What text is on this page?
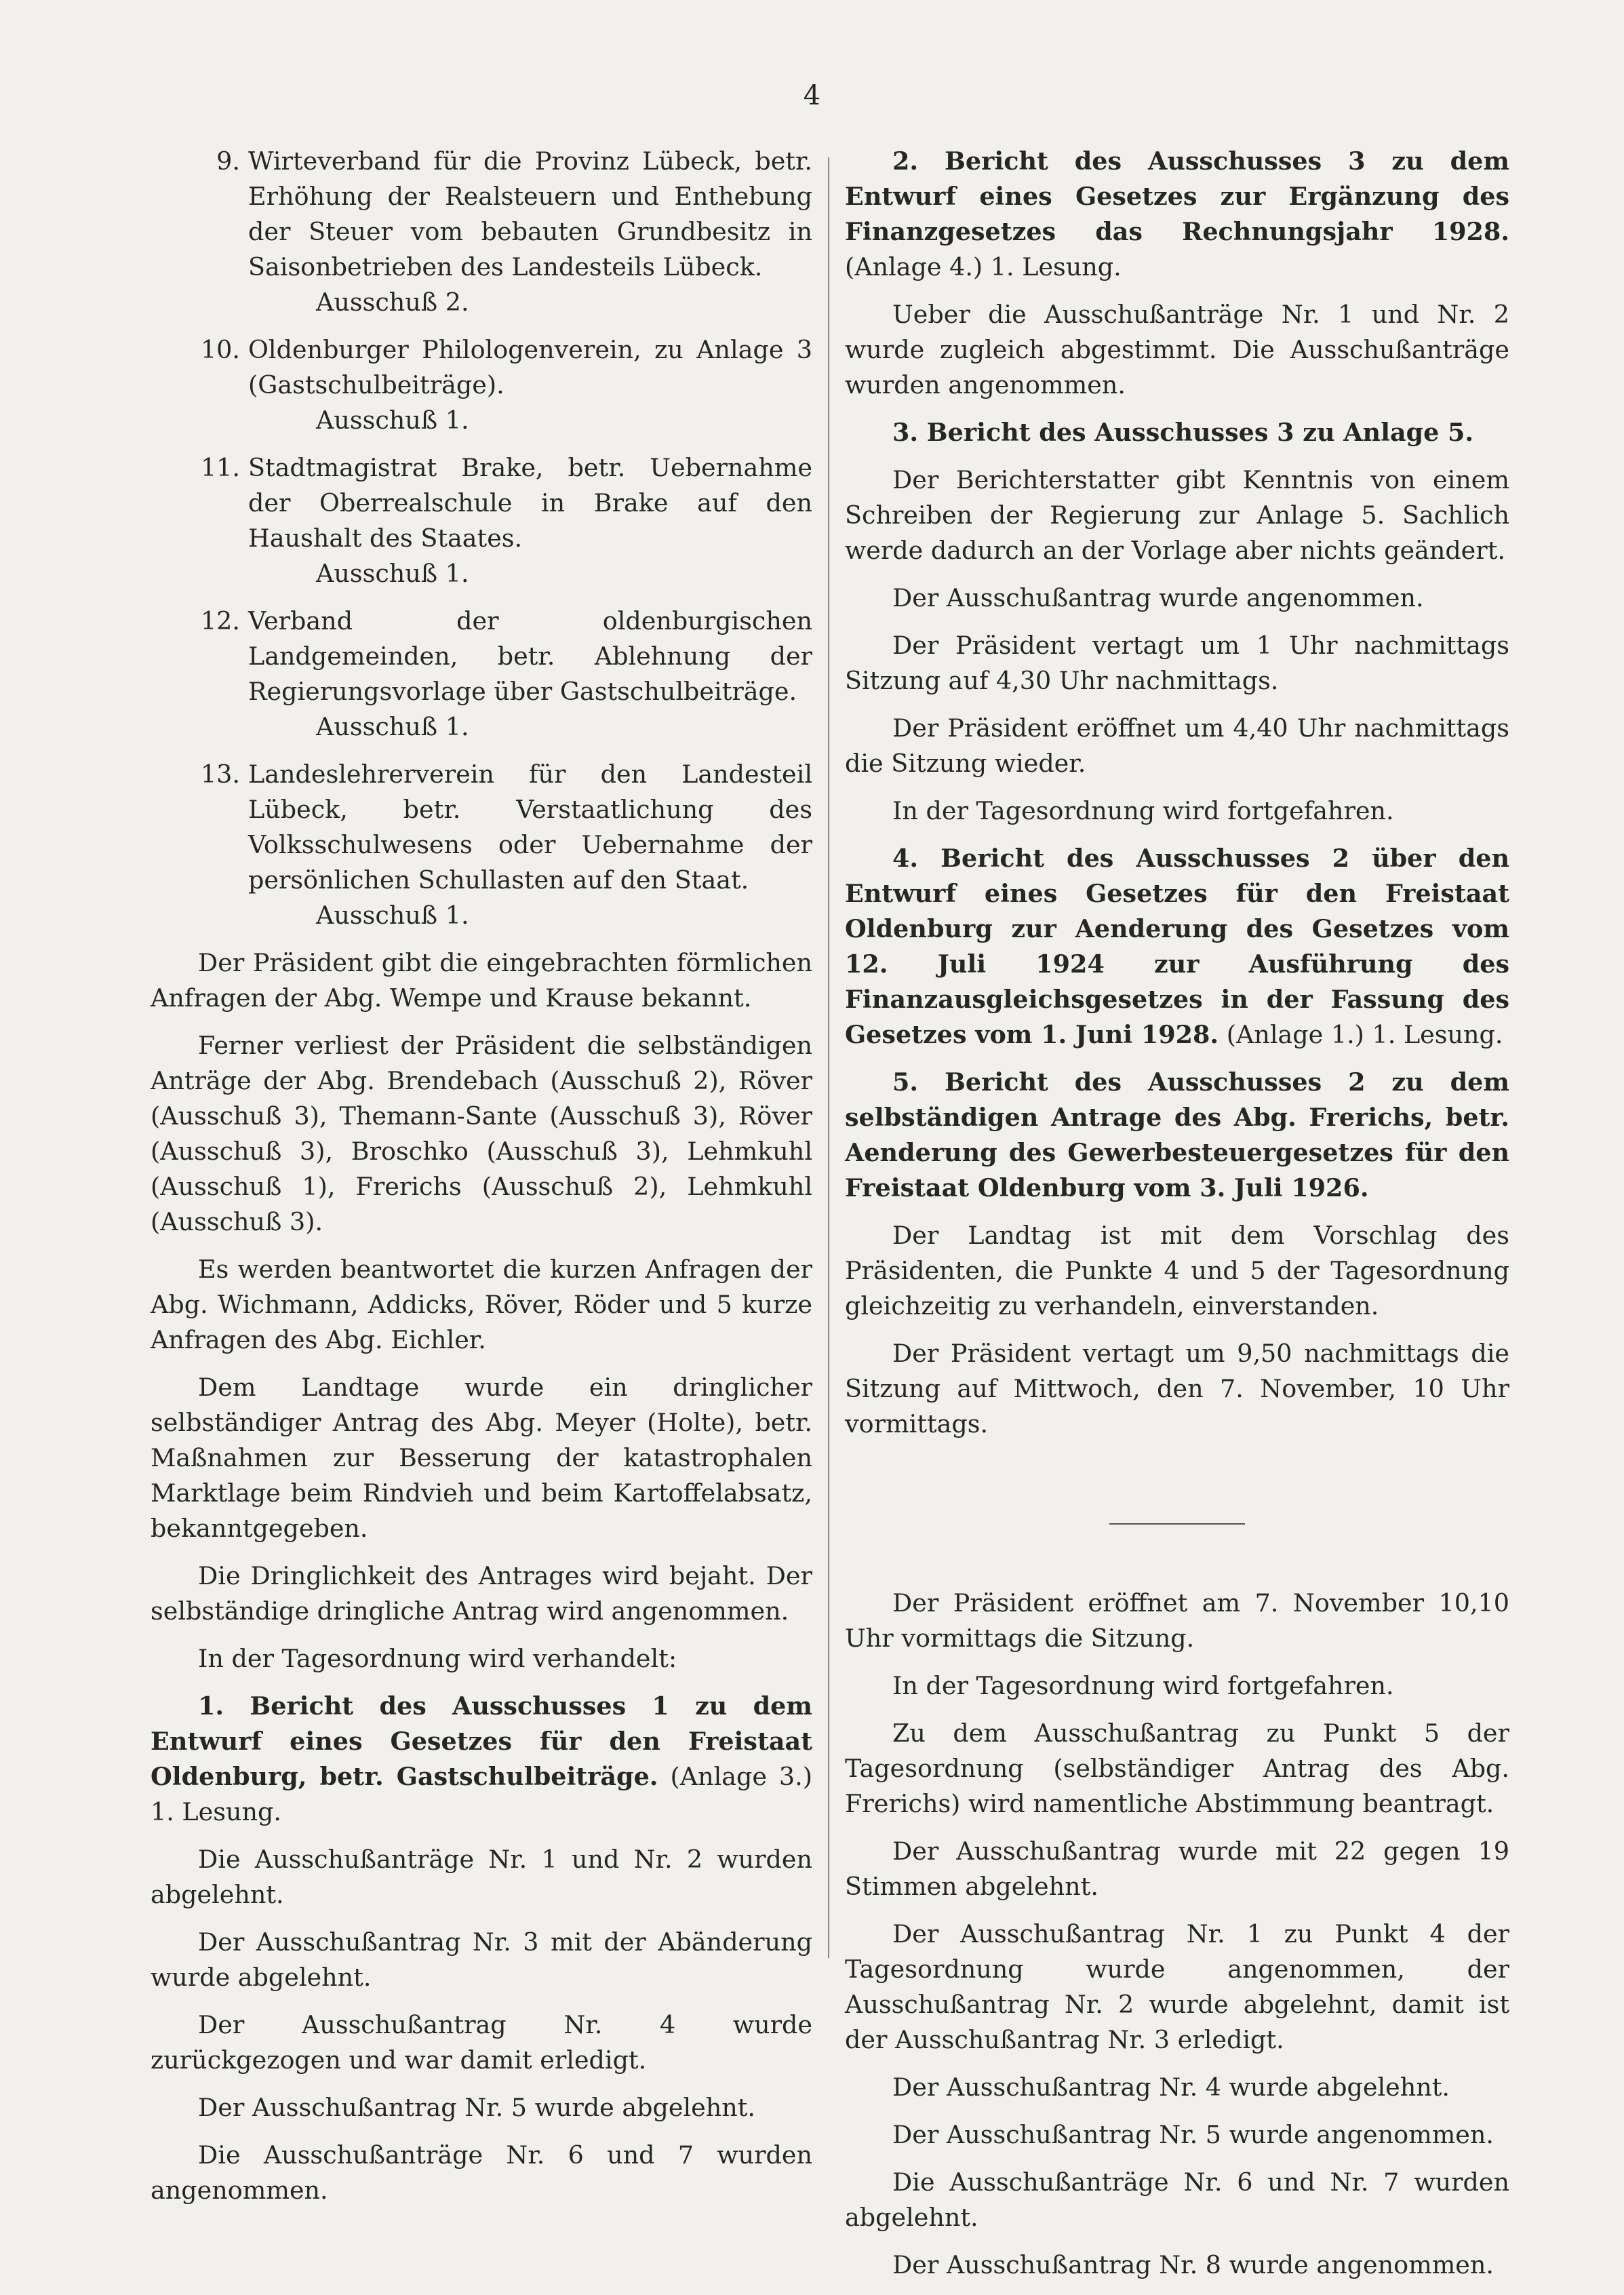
4
9. Wirteverband für die Provinz Lübeck, betr. Erhöhung der Realsteuern und Enthebung der Steuer vom bebauten Grundbesitz in Saisonbetrieben des Landesteils Lübeck.
Ausschuß 2.
10. Oldenburger Philologenverein, zu Anlage 3 (Gastschulbeiträge).
Ausschuß 1.
11. Stadtmagistrat Brake, betr. Uebernahme der Oberrealschule in Brake auf den Haushalt des Staates.
Ausschuß 1.
12. Verband der oldenburgischen Landgemeinden, betr. Ablehnung der Regierungsvorlage über Gastschulbeiträge.
Ausschuß 1.
13. Landeslehrerverein für den Landesteil Lübeck, betr. Verstaatlichung des Volksschulwesens oder Uebernahme der persönlichen Schullasten auf den Staat.
Ausschuß 1.

Der Präsident gibt die eingebrachten förmlichen Anfragen der Abg. Wempe und Krause bekannt.

Ferner verliest der Präsident die selbständigen Anträge der Abg. Brendebach (Ausschuß 2), Röver (Ausschuß 3), Themann-Sante (Ausschuß 3), Röver (Ausschuß 3), Broschko (Ausschuß 3), Lehmkuhl (Ausschuß 1), Frerichs (Ausschuß 2), Lehmkuhl (Ausschuß 3).

Es werden beantwortet die kurzen Anfragen der Abg. Wichmann, Addicks, Röver, Röder und 5 kurze Anfragen des Abg. Eichler.

Dem Landtage wurde ein dringlicher selbständiger Antrag des Abg. Meyer (Holte), betr. Maßnahmen zur Besserung der katastrophalen Marktlage beim Rindvieh und beim Kartoffelabsatz, bekanntgegeben.

Die Dringlichkeit des Antrages wird bejaht. Der selbständige dringliche Antrag wird angenommen.

In der Tagesordnung wird verhandelt:

1. Bericht des Ausschusses 1 zu dem Entwurf eines Gesetzes für den Freistaat Oldenburg, betr. Gastschulbeiträge. (Anlage 3.) 1. Lesung.

Die Ausschußanträge Nr. 1 und Nr. 2 wurden abgelehnt.

Der Ausschußantrag Nr. 3 mit der Abänderung wurde abgelehnt.

Der Ausschußantrag Nr. 4 wurde zurückgezogen und war damit erledigt.

Der Ausschußantrag Nr. 5 wurde abgelehnt.

Die Ausschußanträge Nr. 6 und 7 wurden angenommen.

2. Bericht des Ausschusses 3 zu dem Entwurf eines Gesetzes zur Ergänzung des Finanzgesetzes das Rechnungsjahr 1928. (Anlage 4.) 1. Lesung.

Ueber die Ausschußanträge Nr. 1 und Nr. 2 wurde zugleich abgestimmt. Die Ausschußanträge wurden angenommen.

3. Bericht des Ausschusses 3 zu Anlage 5.

Der Berichterstatter gibt Kenntnis von einem Schreiben der Regierung zur Anlage 5. Sachlich werde dadurch an der Vorlage aber nichts geändert.

Der Ausschußantrag wurde angenommen.

Der Präsident vertagt um 1 Uhr nachmittags Sitzung auf 4,30 Uhr nachmittags.

Der Präsident eröffnet um 4,40 Uhr nachmittags die Sitzung wieder.

In der Tagesordnung wird fortgefahren.

4. Bericht des Ausschusses 2 über den Entwurf eines Gesetzes für den Freistaat Oldenburg zur Aenderung des Gesetzes vom 12. Juli 1924 zur Ausführung des Finanzausgleichsgesetzes in der Fassung des Gesetzes vom 1. Juni 1928. (Anlage 1.) 1. Lesung.

5. Bericht des Ausschusses 2 zu dem selbständigen Antrage des Abg. Frerichs, betr. Aenderung des Gewerbesteuergesetzes für den Freistaat Oldenburg vom 3. Juli 1926.

Der Landtag ist mit dem Vorschlag des Präsidenten, die Punkte 4 und 5 der Tagesordnung gleichzeitig zu verhandeln, einverstanden.

Der Präsident vertagt um 9,50 nachmittags die Sitzung auf Mittwoch, den 7. November, 10 Uhr vormittags.

Der Präsident eröffnet am 7. November 10,10 Uhr vormittags die Sitzung.

In der Tagesordnung wird fortgefahren.

Zu dem Ausschußantrag zu Punkt 5 der Tagesordnung (selbständiger Antrag des Abg. Frerichs) wird namentliche Abstimmung beantragt.

Der Ausschußantrag wurde mit 22 gegen 19 Stimmen abgelehnt.

Der Ausschußantrag Nr. 1 zu Punkt 4 der Tagesordnung wurde angenommen, der Ausschußantrag Nr. 2 wurde abgelehnt, damit ist der Ausschußantrag Nr. 3 erledigt.

Der Ausschußantrag Nr. 4 wurde abgelehnt.

Der Ausschußantrag Nr. 5 wurde angenommen.

Die Ausschußanträge Nr. 6 und Nr. 7 wurden abgelehnt.

Der Ausschußantrag Nr. 8 wurde angenommen.
